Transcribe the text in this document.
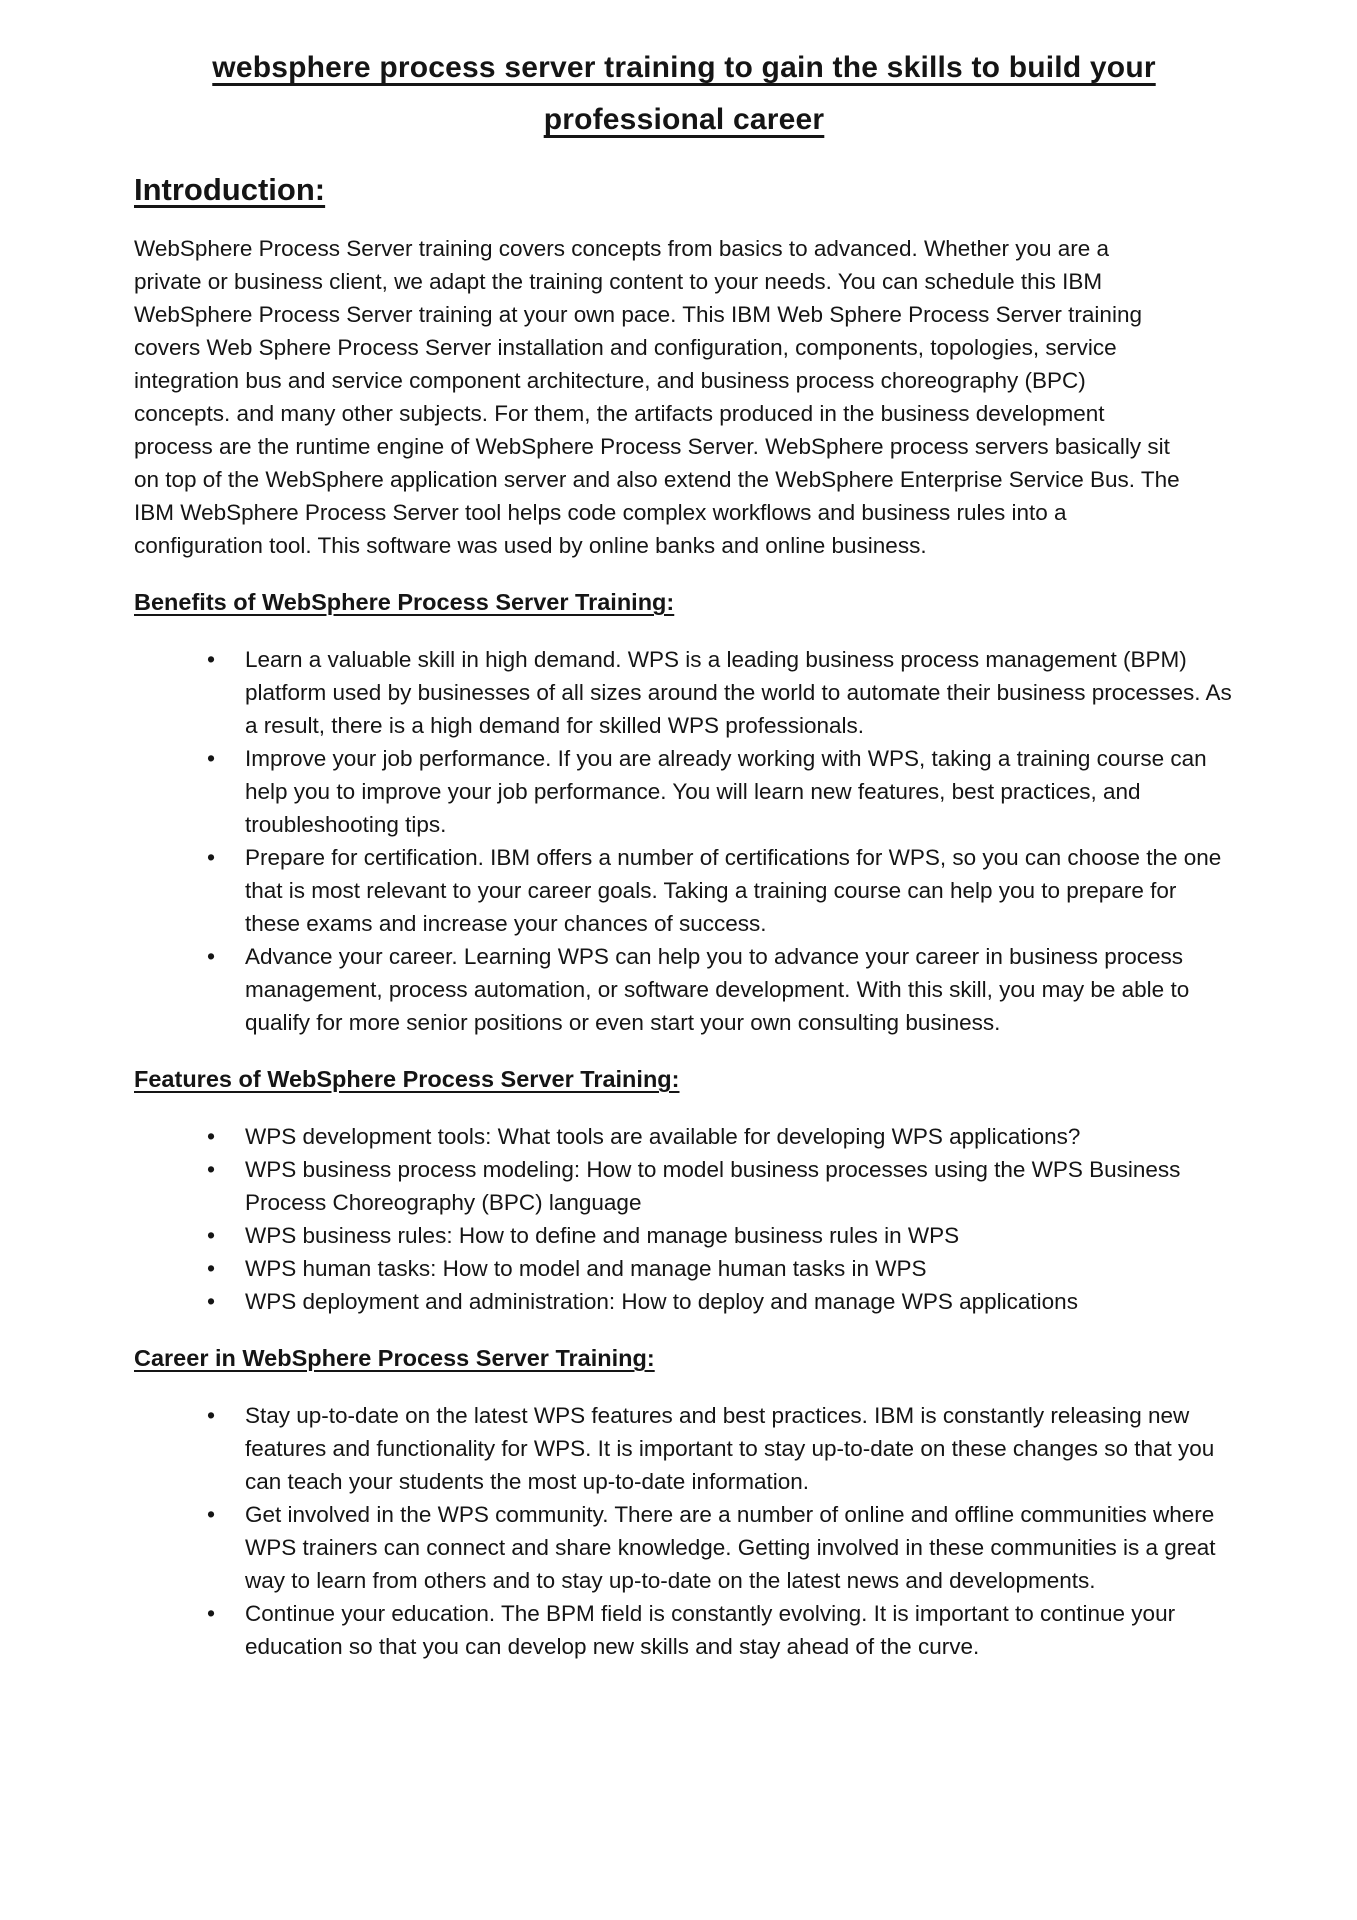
websphere process server training to gain the skills to build your professional career
Introduction:

WebSphere Process Server training covers concepts from basics to advanced. Whether you are a private or business client, we adapt the training content to your needs. You can schedule this IBM WebSphere Process Server training at your own pace. This IBM Web Sphere Process Server training covers Web Sphere Process Server installation and configuration, components, topologies, service integration bus and service component architecture, and business process choreography (BPC) concepts. and many other subjects. For them, the artifacts produced in the business development process are the runtime engine of WebSphere Process Server. WebSphere process servers basically sit on top of the WebSphere application server and also extend the WebSphere Enterprise Service Bus. The IBM WebSphere Process Server tool helps code complex workflows and business rules into a configuration tool. This software was used by online banks and online business.

Benefits of WebSphere Process Server Training:
• Learn a valuable skill in high demand. WPS is a leading business process management (BPM) platform used by businesses of all sizes around the world to automate their business processes. As a result, there is a high demand for skilled WPS professionals.
• Improve your job performance. If you are already working with WPS, taking a training course can help you to improve your job performance. You will learn new features, best practices, and troubleshooting tips.
• Prepare for certification. IBM offers a number of certifications for WPS, so you can choose the one that is most relevant to your career goals. Taking a training course can help you to prepare for these exams and increase your chances of success.
• Advance your career. Learning WPS can help you to advance your career in business process management, process automation, or software development. With this skill, you may be able to qualify for more senior positions or even start your own consulting business.
Features of WebSphere Process Server Training:
• WPS development tools: What tools are available for developing WPS applications?
• WPS business process modeling: How to model business processes using the WPS Business Process Choreography (BPC) language
• WPS business rules: How to define and manage business rules in WPS
• WPS human tasks: How to model and manage human tasks in WPS
• WPS deployment and administration: How to deploy and manage WPS applications
Career in WebSphere Process Server Training:
• Stay up-to-date on the latest WPS features and best practices. IBM is constantly releasing new features and functionality for WPS. It is important to stay up-to-date on these changes so that you can teach your students the most up-to-date information.
• Get involved in the WPS community. There are a number of online and offline communities where WPS trainers can connect and share knowledge. Getting involved in these communities is a great way to learn from others and to stay up-to-date on the latest news and developments.
• Continue your education. The BPM field is constantly evolving. It is important to continue your education so that you can develop new skills and stay ahead of the curve.
